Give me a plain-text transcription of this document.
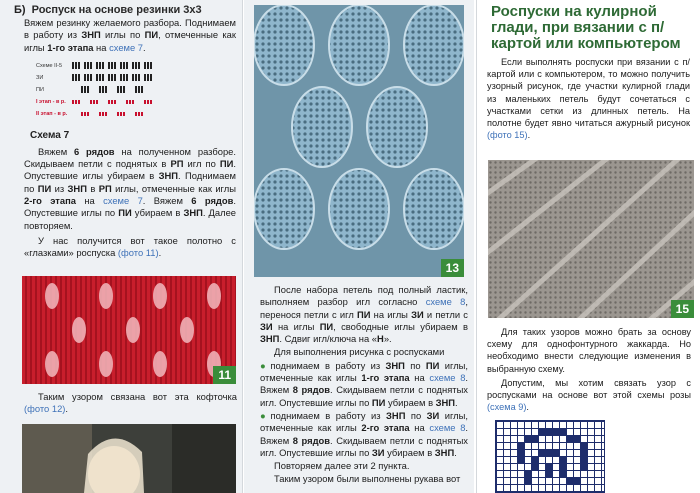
Б) Роспуск на основе резинки 3х3
Вяжем резинку желаемого разбора. Поднимаем в работу из ЗНП иглы по ПИ, отмеченные как иглы 1-го этапа на схеме 7.
Схеме II-5
ЗИ
ПИ
I этап - в р.
II этап - в р.
Схема 7
Вяжем 6 рядов на полученном разборе. Скидываем петли с поднятых в РП игл по ПИ. Опустевшие иглы убираем в ЗНП. Поднимаем по ПИ из ЗНП в РП иглы, отмеченные как иглы 2-го этапа на схеме 7. Вяжем 6 рядов. Опустевшие иглы по ПИ убираем в ЗНП. Далее повторяем.
У нас получится вот такое полотно с «глазками» роспуска (фото 11).
11
Таким узором связана вот эта кофточка (фото 12).
13
После набора петель под полный ластик, выполняем разбор игл согласно схеме 8, перенося петли с игл ПИ на иглы ЗИ и петли с ЗИ на иглы ПИ, свободные иглы убираем в ЗНП. Сдвиг игл/ключа на «Н».
Для выполнения рисунка с роспусками
● поднимаем в работу из ЗНП по ПИ иглы, отмеченные как иглы 1-го этапа на схеме 8. Вяжем 8 рядов. Скидываем петли с поднятых игл. Опустевшие иглы по ПИ убираем в ЗНП.
● поднимаем в работу из ЗНП по ЗИ иглы, отмеченные как иглы 2-го этапа на схеме 8. Вяжем 8 рядов. Скидываем петли с поднятых игл. Опустевшие иглы по ЗИ убираем в ЗНП.
Повторяем далее эти 2 пункта.
Таким узором были выполнены рукава вот
Роспуски на кулирной глади, при вязании с п/картой или компьютером
Если выполнять роспуски при вязании с п/картой или с компьютером, то можно получить узорный рисунок, где участки кулирной глади из маленьких петель будут сочетаться с участками сетки из длинных петель. На полотне будет явно читаться ажурный рисунок (фото 15).
15
Для таких узоров можно брать за основу схему для однофонтурного жаккарда. Но необходимо внести следующие изменения в выбранную схему.
Допустим, мы хотим связать узор с роспусками на основе вот этой схемы розы (схема 9).
